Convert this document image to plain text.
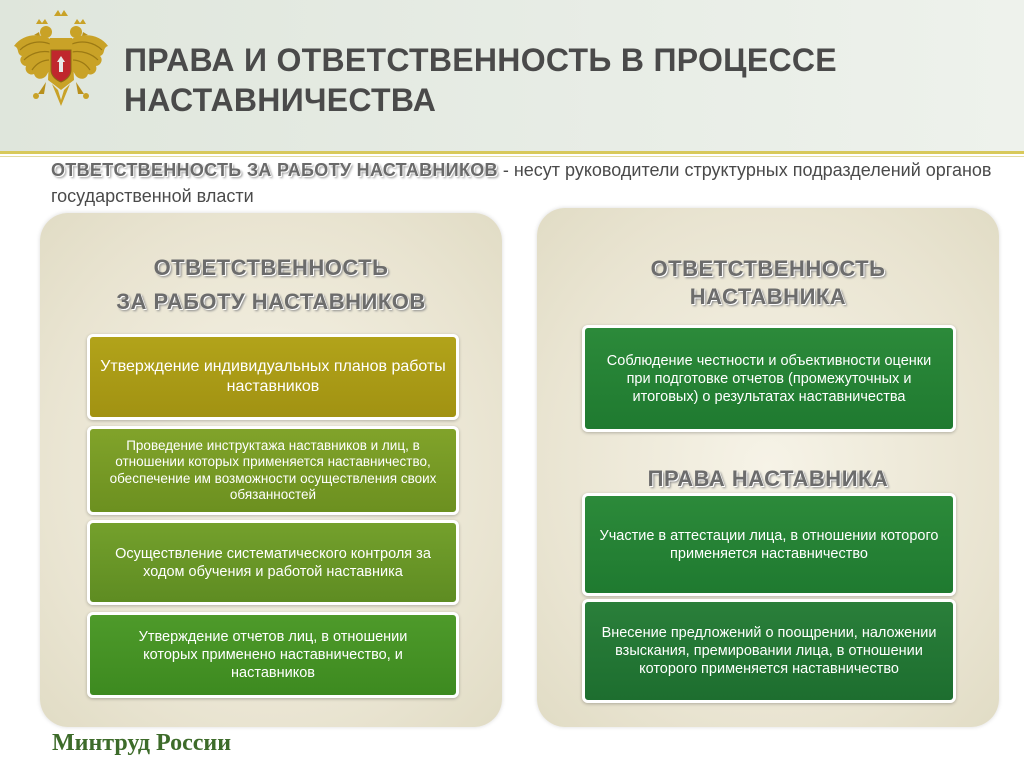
ПРАВА И ОТВЕТСТВЕННОСТЬ В ПРОЦЕССЕ
НАСТАВНИЧЕСТВА
ОТВЕТСТВЕННОСТЬ ЗА РАБОТУ НАСТАВНИКОВ - несут руководители структурных подразделений органов государственной власти
ОТВЕТСТВЕННОСТЬ
ЗА РАБОТУ НАСТАВНИКОВ
Утверждение индивидуальных планов работы наставников
Проведение инструктажа наставников и лиц, в отношении которых применяется наставничество, обеспечение им возможности осуществления своих обязанностей
Осуществление систематического контроля за ходом обучения и работой наставника
Утверждение отчетов лиц, в отношении которых применено наставничество, и наставников
ОТВЕТСТВЕННОСТЬ
НАСТАВНИКА
Соблюдение честности и объективности оценки при подготовке отчетов (промежуточных и итоговых) о результатах наставничества
ПРАВА НАСТАВНИКА
Участие в аттестации лица, в отношении которого применяется наставничество
Внесение предложений о поощрении, наложении взыскания, премировании лица, в отношении которого применяется наставничество
Минтруд России
